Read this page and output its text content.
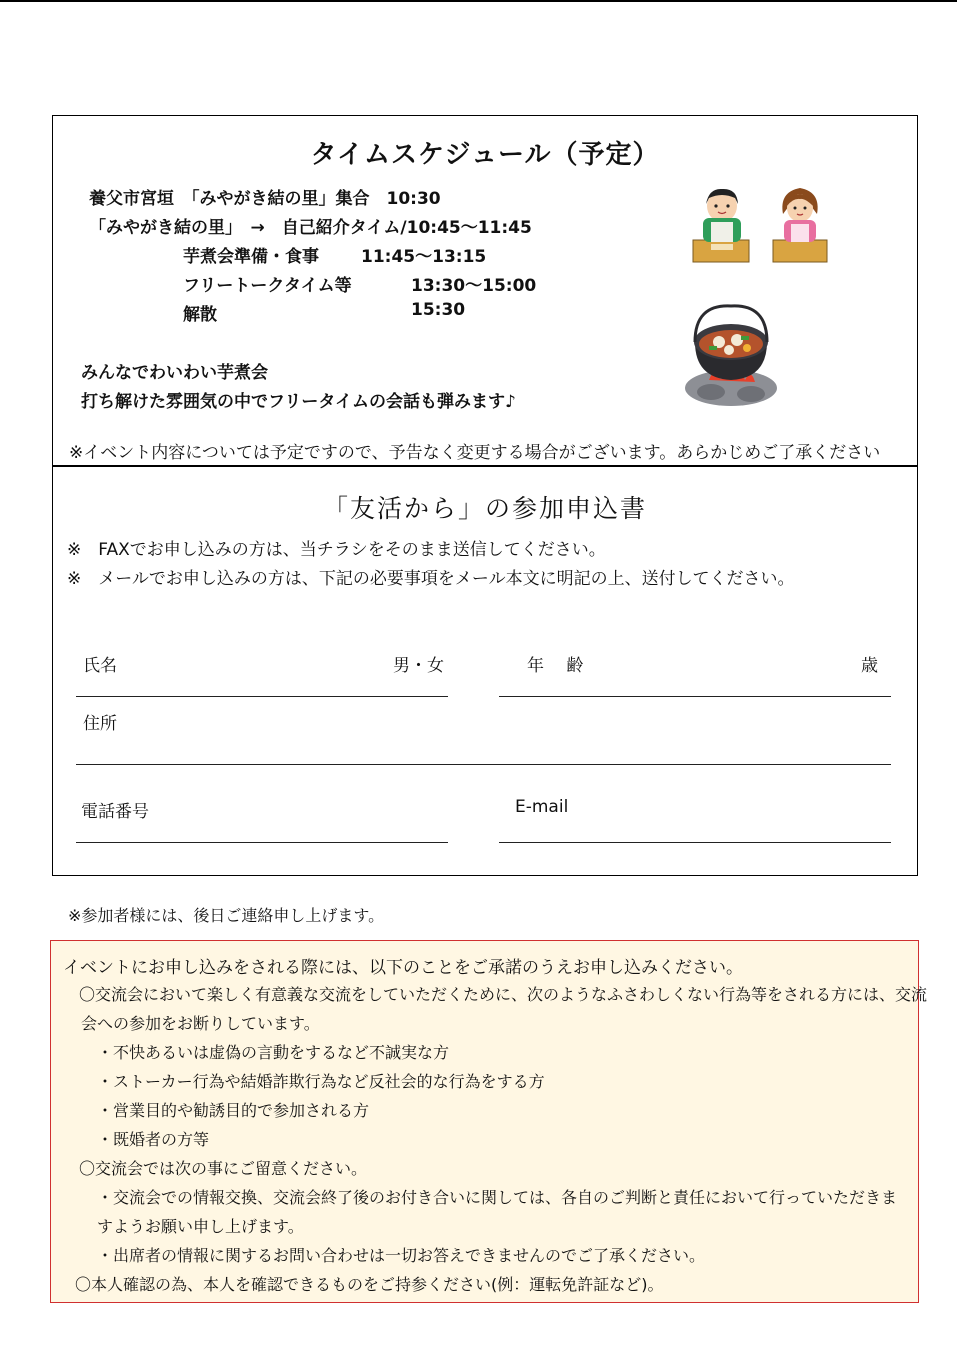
タイムスケジュール（予定）
養父市宮垣　「みやがき結の里」集合　10:30
「みやがき結の里」　→　自己紹介タイム/10:45～11:45
芋煮会準備・食事 11:45～13:15
フリートークタイム等	13:30～15:00
解散	15:30
みんなでわいわい芋煮会
打ち解けた雰囲気の中でフリータイムの会話も弾みます♪
※イベント内容については予定ですので、予告なく変更する場合がございます。あらかじめご了承ください
「友活から」の参加申込書
※　FAXでお申し込みの方は、当チラシをそのまま送信してください。
※　メールでお申し込みの方は、下記の必要事項をメール本文に明記の上、送付してください。
氏名	男・女	年　 齢	歳
住所
電話番号	E-mail
※参加者様には、後日ご連絡申し上げます。
イベントにお申し込みをされる際には、以下のことをご承諾のうえお申し込みください。
〇交流会において楽しく有意義な交流をしていただくために、次のようなふさわしくない行為等をされる方には、交流
会への参加をお断りしています。
・不快あるいは虚偽の言動をするなど不誠実な方
・ストーカー行為や結婚詐欺行為など反社会的な行為をする方
・営業目的や勧誘目的で参加される方
・既婚者の方等
〇交流会では次の事にご留意ください。
・交流会での情報交換、交流会終了後のお付き合いに関しては、各自のご判断と責任において行っていただきま
すようお願い申し上げます。
・出席者の情報に関するお問い合わせは一切お答えできませんのでご了承ください。
〇本人確認の為、本人を確認できるものをご持参ください(例：運転免許証など)。
